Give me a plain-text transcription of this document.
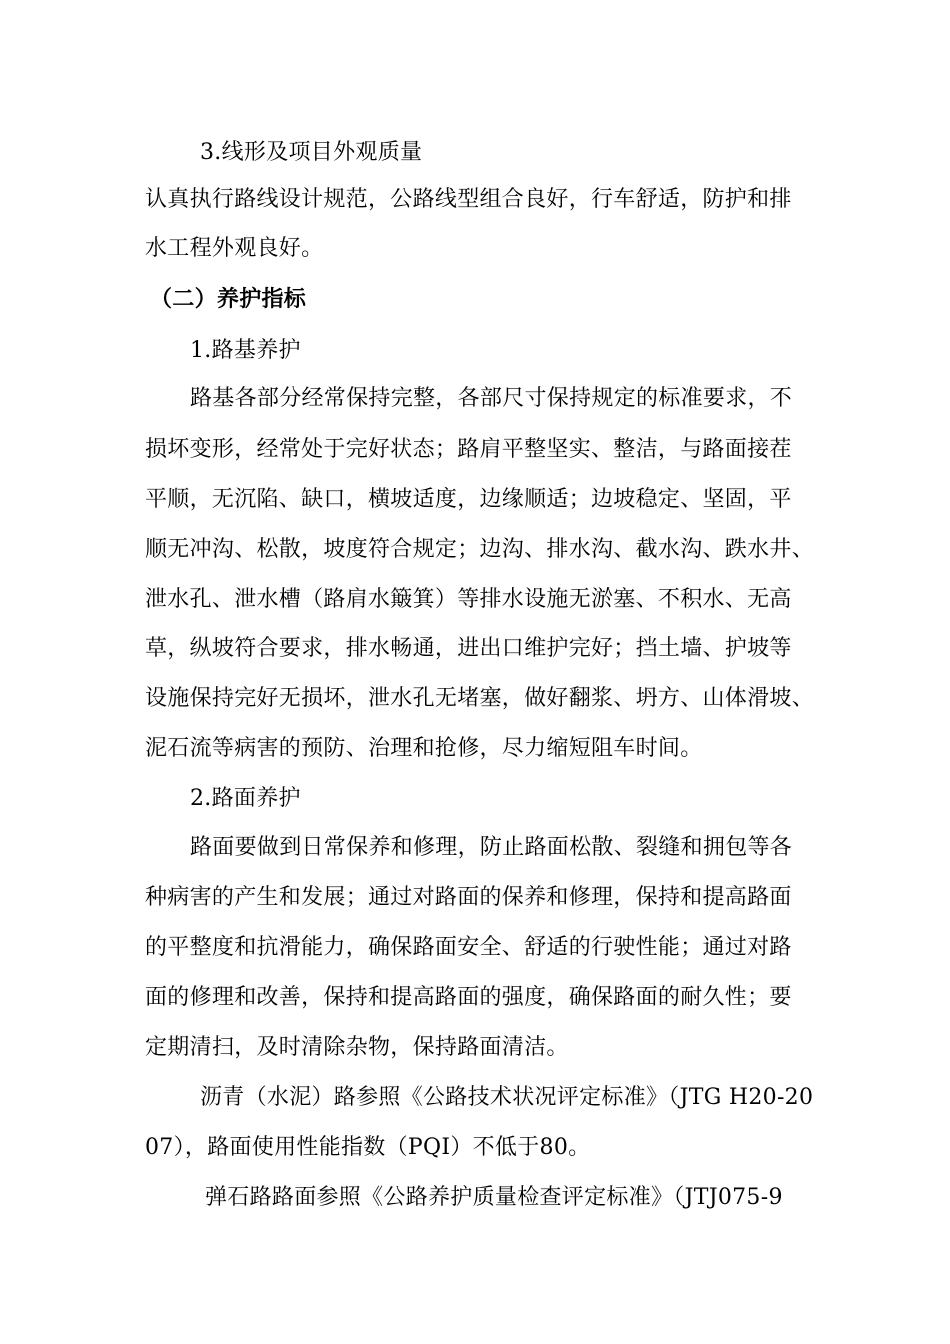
3.线形及项目外观质量
认真执行路线设计规范，公路线型组合良好，行车舒适，防护和排
水工程外观良好。
（二）养护指标
1.路基养护
路基各部分经常保持完整，各部尺寸保持规定的标准要求，不
损坏变形，经常处于完好状态；路肩平整坚实、整洁，与路面接茬
平顺，无沉陷、缺口，横坡适度，边缘顺适；边坡稳定、坚固，平
顺无冲沟、松散，坡度符合规定；边沟、排水沟、截水沟、跌水井、
泄水孔、泄水槽（路肩水簸箕）等排水设施无淤塞、不积水、无高
草，纵坡符合要求，排水畅通，进出口维护完好；挡土墙、护坡等
设施保持完好无损坏，泄水孔无堵塞，做好翻浆、坍方、山体滑坡、
泥石流等病害的预防、治理和抢修，尽力缩短阻车时间。
2.路面养护
路面要做到日常保养和修理，防止路面松散、裂缝和拥包等各
种病害的产生和发展；通过对路面的保养和修理，保持和提高路面
的平整度和抗滑能力，确保路面安全、舒适的行驶性能；通过对路
面的修理和改善，保持和提高路面的强度，确保路面的耐久性；要
定期清扫，及时清除杂物，保持路面清洁。
沥青（水泥）路参照《公路技术状况评定标准》（JTG H20-20
07），路面使用性能指数（PQI）不低于80。
弹石路路面参照《公路养护质量检查评定标准》（JTJ075-9
